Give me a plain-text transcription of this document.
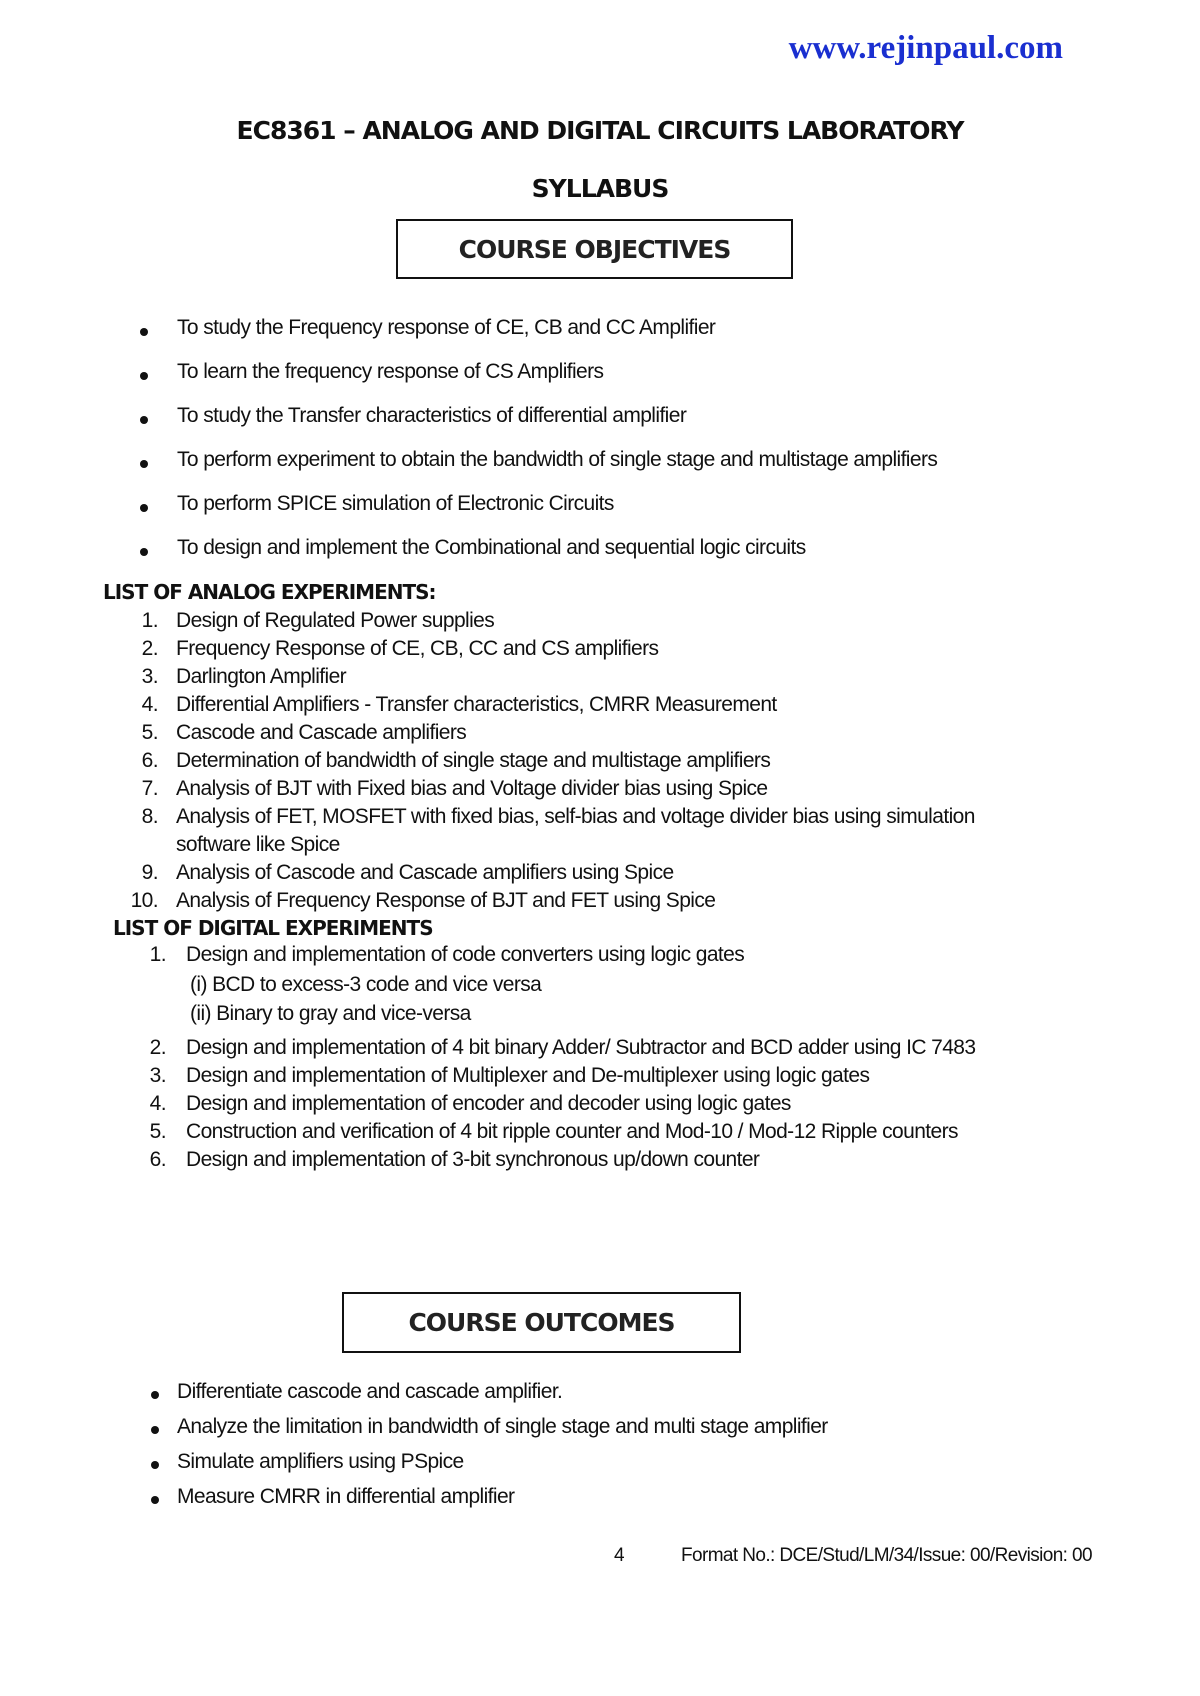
www.rejinpaul.com
EC8361 – ANALOG AND DIGITAL CIRCUITS LABORATORY
SYLLABUS
COURSE OBJECTIVES
To study the Frequency response of CE, CB and CC Amplifier
To learn the frequency response of CS Amplifiers
To study the Transfer characteristics of differential amplifier
To perform experiment to obtain the bandwidth of single stage and multistage amplifiers
To perform SPICE simulation of Electronic Circuits
To design and implement the Combinational and sequential logic circuits
LIST OF ANALOG EXPERIMENTS:
1. Design of Regulated Power supplies
2. Frequency Response of CE, CB, CC and CS amplifiers
3. Darlington Amplifier
4. Differential Amplifiers - Transfer characteristics, CMRR Measurement
5. Cascode and Cascade amplifiers
6. Determination of bandwidth of single stage and multistage amplifiers
7. Analysis of BJT with Fixed bias and Voltage divider bias using Spice
8. Analysis of FET, MOSFET with fixed bias, self-bias and voltage divider bias using simulation
software like Spice
9. Analysis of Cascode and Cascade amplifiers using Spice
10. Analysis of Frequency Response of BJT and FET using Spice
LIST OF DIGITAL EXPERIMENTS
1. Design and implementation of code converters using logic gates
(i) BCD to excess-3 code and vice versa
(ii) Binary to gray and vice-versa
2. Design and implementation of 4 bit binary Adder/ Subtractor and BCD adder using IC 7483
3. Design and implementation of Multiplexer and De-multiplexer using logic gates
4. Design and implementation of encoder and decoder using logic gates
5. Construction and verification of 4 bit ripple counter and Mod-10 / Mod-12 Ripple counters
6. Design and implementation of 3-bit synchronous up/down counter
COURSE OUTCOMES
Differentiate cascode and cascade amplifier.
Analyze the limitation in bandwidth of single stage and multi stage amplifier
Simulate amplifiers using PSpice
Measure CMRR in differential amplifier
4	Format No.: DCE/Stud/LM/34/Issue: 00/Revision: 00
